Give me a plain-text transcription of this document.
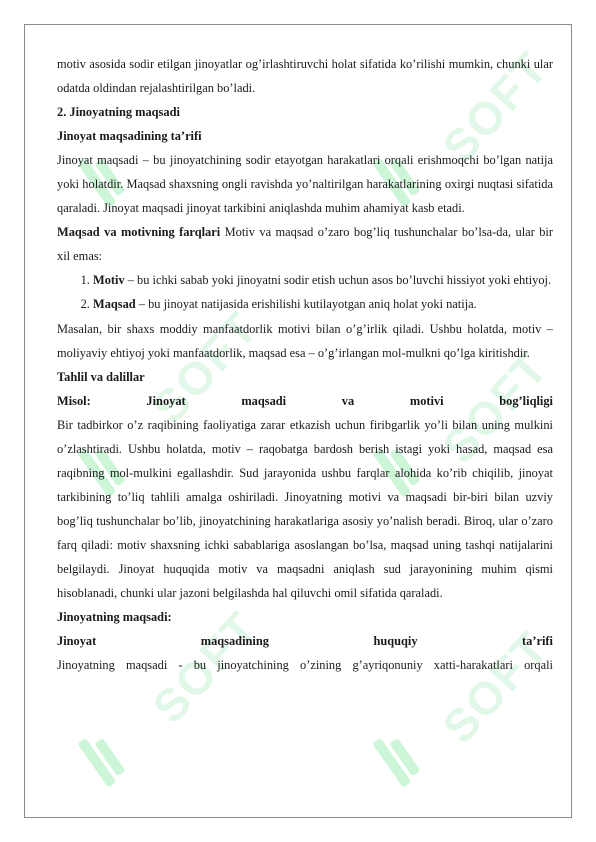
SOFT
SOFT	SOFT
SOFT	SOFT

motiv asosida sodir etilgan jinoyatlar og’irlashtiruvchi holat sifatida ko’rilishi mumkin, chunki ular odatda oldindan rejalashtirilgan bo’ladi.

2. Jinoyatning maqsadi

Jinoyat maqsadining ta’rifi

Jinoyat maqsadi – bu jinoyatchining sodir etayotgan harakatlari orqali erishmoqchi bo’lgan natija yoki holatdir. Maqsad shaxsning ongli ravishda yo’naltirilgan harakatlarining oxirgi nuqtasi sifatida qaraladi. Jinoyat maqsadi jinoyat tarkibini aniqlashda muhim ahamiyat kasb etadi.

Maqsad va motivning farqlari Motiv va maqsad o’zaro bog’liq tushunchalar bo’lsa-da, ular bir xil emas:

1. Motiv – bu ichki sabab yoki jinoyatni sodir etish uchun asos bo’luvchi hissiyot yoki ehtiyoj.
2. Maqsad – bu jinoyat natijasida erishilishi kutilayotgan aniq holat yoki natija.

Masalan, bir shaxs moddiy manfaatdorlik motivi bilan o’g’irlik qiladi. Ushbu holatda, motiv – moliyaviy ehtiyoj yoki manfaatdorlik, maqsad esa – o’g’irlangan mol-mulkni qo’lga kiritishdir.

Tahlil va dalillar

Misol: Jinoyat maqsadi va motivi bog’liqligi

Bir tadbirkor o’z raqibining faoliyatiga zarar etkazish uchun firibgarlik yo’li bilan uning mulkini o’zlashtiradi. Ushbu holatda, motiv – raqobatga bardosh berish istagi yoki hasad, maqsad esa raqibning mol-mulkini egallashdir. Sud jarayonida ushbu farqlar alohida ko’rib chiqilib, jinoyat tarkibining to’liq tahlili amalga oshiriladi. Jinoyatning motivi va maqsadi bir-biri bilan uzviy bog’liq tushunchalar bo’lib, jinoyatchining harakatlariga asosiy yo’nalish beradi. Biroq, ular o’zaro farq qiladi: motiv shaxsning ichki sabablariga asoslangan bo’lsa, maqsad uning tashqi natijalarini belgilaydi. Jinoyat huquqida motiv va maqsadni aniqlash sud jarayonining muhim qismi hisoblanadi, chunki ular jazoni belgilashda hal qiluvchi omil sifatida qaraladi.

Jinoyatning maqsadi:

Jinoyat maqsadining huquqiy ta’rifi

Jinoyatning maqsadi - bu jinoyatchining o’zining g’ayriqonuniy xatti-harakatlari orqali
